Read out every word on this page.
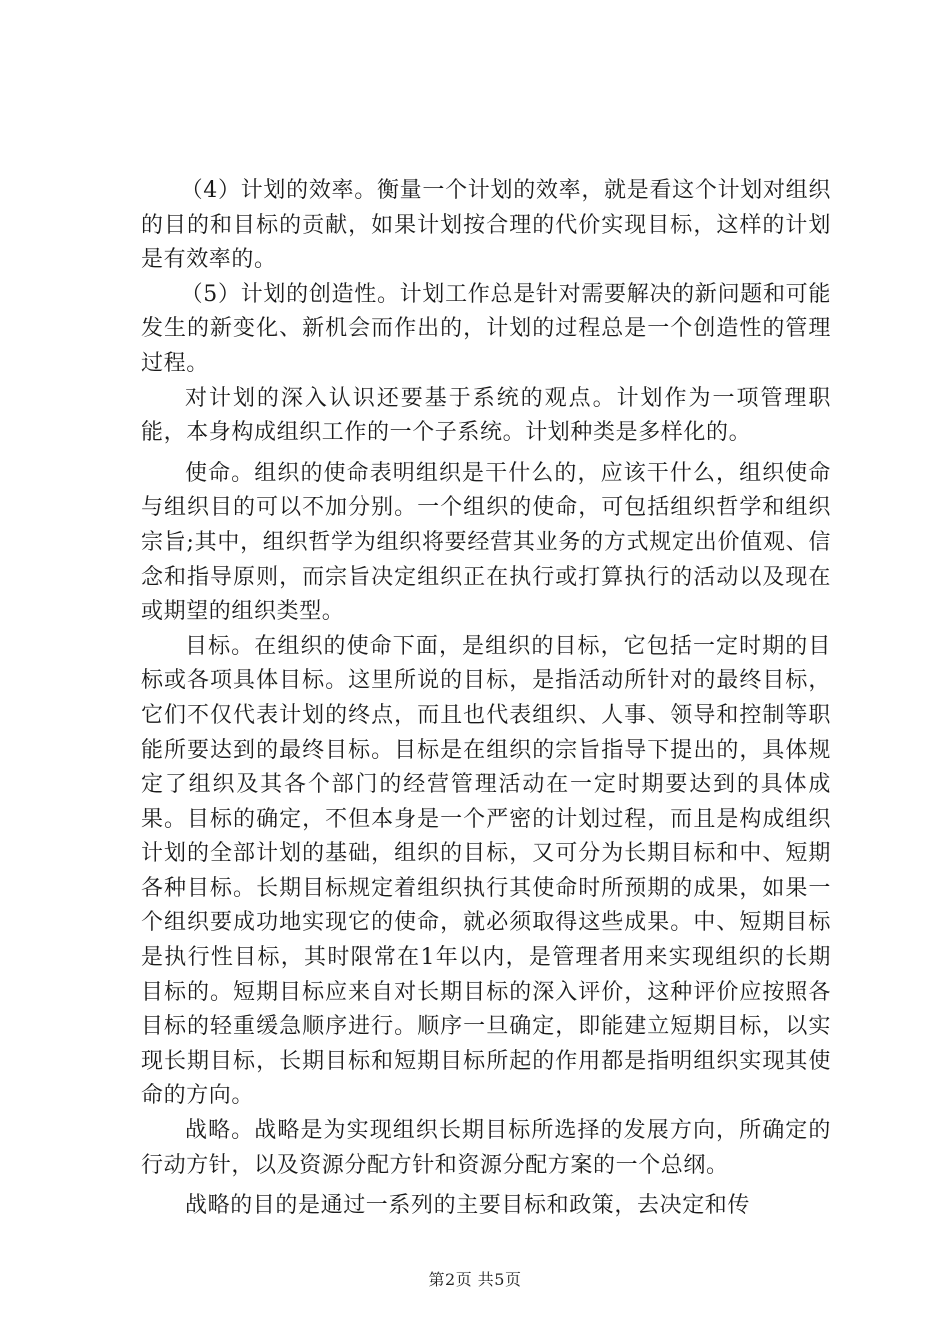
（4）计划的效率。衡量一个计划的效率，就是看这个计划对组织的目的和目标的贡献，如果计划按合理的代价实现目标，这样的计划是有效率的。

（5）计划的创造性。计划工作总是针对需要解决的新问题和可能发生的新变化、新机会而作出的，计划的过程总是一个创造性的管理过程。

对计划的深入认识还要基于系统的观点。计划作为一项管理职能，本身构成组织工作的一个子系统。计划种类是多样化的。

使命。组织的使命表明组织是干什么的，应该干什么，组织使命与组织目的可以不加分别。一个组织的使命，可包括组织哲学和组织宗旨;其中，组织哲学为组织将要经营其业务的方式规定出价值观、信念和指导原则，而宗旨决定组织正在执行或打算执行的活动以及现在或期望的组织类型。

目标。在组织的使命下面，是组织的目标，它包括一定时期的目标或各项具体目标。这里所说的目标，是指活动所针对的最终目标，它们不仅代表计划的终点，而且也代表组织、人事、领导和控制等职能所要达到的最终目标。目标是在组织的宗旨指导下提出的，具体规定了组织及其各个部门的经营管理活动在一定时期要达到的具体成果。目标的确定，不但本身是一个严密的计划过程，而且是构成组织计划的全部计划的基础，组织的目标，又可分为长期目标和中、短期各种目标。长期目标规定着组织执行其使命时所预期的成果，如果一个组织要成功地实现它的使命，就必须取得这些成果。中、短期目标是执行性目标，其时限常在1年以内，是管理者用来实现组织的长期目标的。短期目标应来自对长期目标的深入评价，这种评价应按照各目标的轻重缓急顺序进行。顺序一旦确定，即能建立短期目标，以实现长期目标，长期目标和短期目标所起的作用都是指明组织实现其使命的方向。

战略。战略是为实现组织长期目标所选择的发展方向，所确定的行动方针，以及资源分配方针和资源分配方案的一个总纲。

战略的目的是通过一系列的主要目标和政策，去决定和传

第2页 共5页
